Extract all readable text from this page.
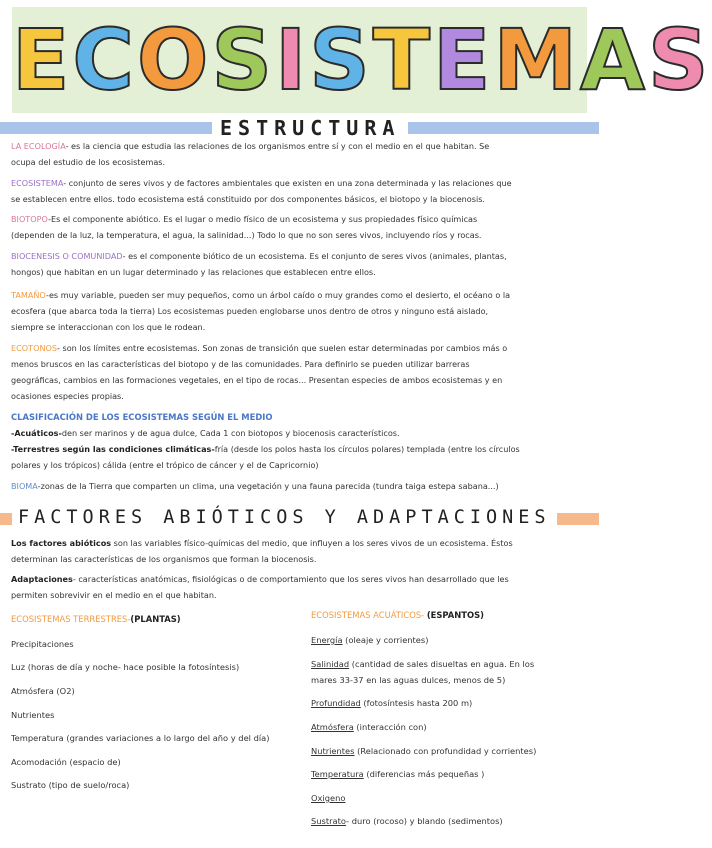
ECOSISTEMAS
ESTRUCTURA

LA ECOLOGÍA- es la ciencia que estudia las relaciones de los organismos entre sí y con el medio en el que habitan. Se

ocupa del estudio de los ecosistemas.

ECOSISTEMA- conjunto de seres vivos y de factores ambientales que existen en una zona determinada y las relaciones que

se establecen entre ellos. todo ecosistema está constituido por dos componentes básicos, el biotopo y la biocenosis.

BIOTOPO-Es el componente abiótico. Es el lugar o medio físico de un ecosistema y sus propiedades físico químicas

(dependen de la luz, la temperatura, el agua, la salinidad...) Todo lo que no son seres vivos, incluyendo ríos y rocas.

BIOCENESIS O COMUNIDAD- es el componente biótico de un ecosistema. Es el conjunto de seres vivos (animales, plantas,

hongos) que habitan en un lugar determinado y las relaciones que establecen entre ellos.

TAMAÑO-es muy variable, pueden ser muy pequeños, como un árbol caído o muy grandes como el desierto, el océano o la

ecosfera (que abarca toda la tierra) Los ecosistemas pueden englobarse unos dentro de otros y ninguno está aislado,

siempre se interaccionan con los que le rodean.

ECOTONOS- son los límites entre ecosistemas. Son zonas de transición que suelen estar determinadas por cambios más o

menos bruscos en las características del biotopo y de las comunidades. Para definirlo se pueden utilizar barreras

geográficas, cambios en las formaciones vegetales, en el tipo de rocas... Presentan especies de ambos ecosistemas y en

ocasiones especies propias.

CLASIFICACIÓN DE LOS ECOSISTEMAS SEGÚN EL MEDIO

-Acuáticos-den ser marinos y de agua dulce, Cada 1 con biotopos y biocenosis característicos.

-Terrestres según las condiciones climáticas-fría (desde los polos hasta los círculos polares) templada (entre los círculos

polares y los trópicos) cálida (entre el trópico de cáncer y el de Capricornio)

BIOMA-zonas de la Tierra que comparten un clima, una vegetación y una fauna parecida (tundra taiga estepa sabana...)

FACTORES ABIÓTICOS Y ADAPTACIONES

Los factores abióticos son las variables físico-químicas del medio, que influyen a los seres vivos de un ecosistema. Éstos

determinan las características de los organismos que forman la biocenosis.

Adaptaciones- características anatómicas, fisiológicas o de comportamiento que los seres vivos han desarrollado que les

permiten sobrevivir en el medio en el que habitan.

ECOSISTEMAS TERRESTRES-(PLANTAS)
Precipitaciones
Luz (horas de día y noche- hace posible la fotosíntesis)
Atmósfera (O2)
Nutrientes
Temperatura (grandes variaciones a lo largo del año y del día)
Acomodación (espacio de)
Sustrato (tipo de suelo/roca)
ECOSISTEMAS ACUÁTICOS- (ESPANTOS)
Energía (oleaje y corrientes)
Salinidad (cantidad de sales disueltas en agua. En los
mares 33-37 en las aguas dulces, menos de 5)
Profundidad (fotosíntesis hasta 200 m)
Atmósfera (interacción con)
Nutrientes (Relacionado con profundidad y corrientes)
Temperatura (diferencias más pequeñas )
Oxigeno
Sustrato- duro (rocoso) y blando (sedimentos)
